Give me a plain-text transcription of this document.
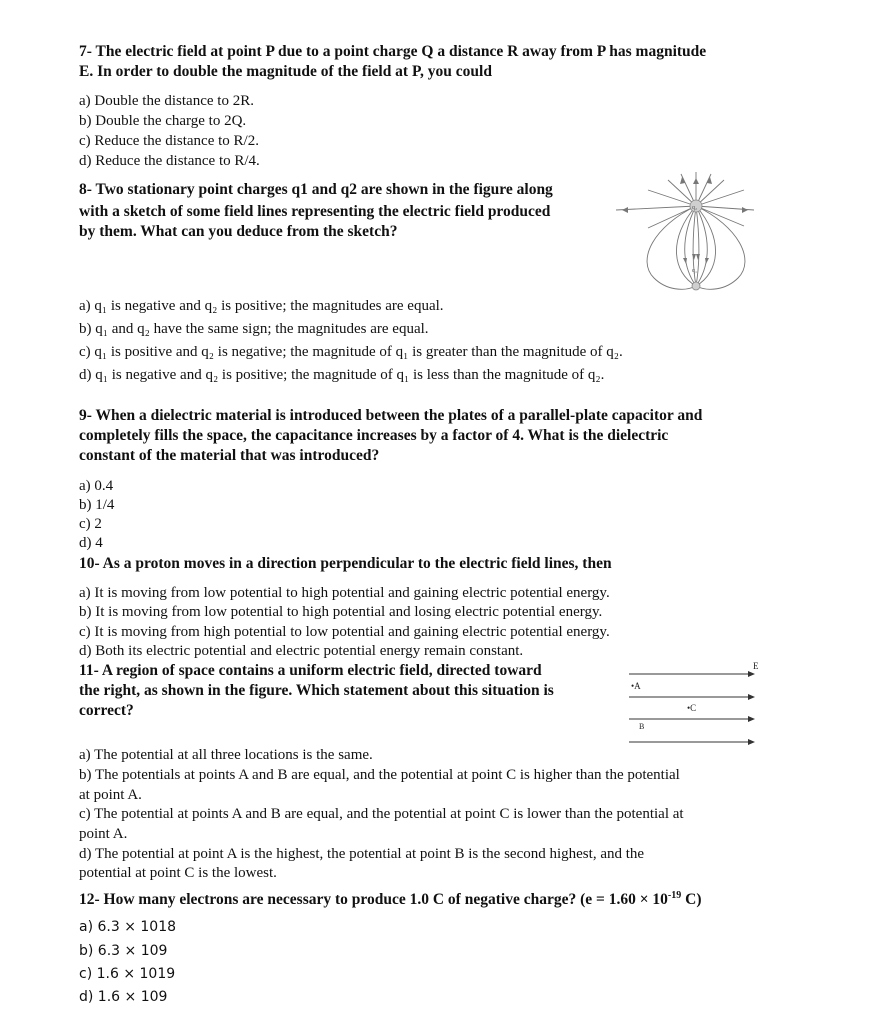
7- The electric field at point P due to a point charge Q a distance R away from P has magnitude
E. In order to double the magnitude of the field at P, you could
a) Double the distance to 2R.
b) Double the charge to 2Q.
c) Reduce the distance to R/2.
d) Reduce the distance to R/4.
8- Two stationary point charges q1 and q2 are shown in the figure along
with a sketch of some field lines representing the electric field produced
by them. What can you deduce from the sketch?
q₂
q₁
a) q₁ is negative and q₂ is positive; the magnitudes are equal.
b) q₁ and q₂ have the same sign; the magnitudes are equal.
c) q₁ is positive and q₂ is negative; the magnitude of q₁ is greater than the magnitude of q₂.
d) q₁ is negative and q₂ is positive; the magnitude of q₁ is less than the magnitude of q₂.
9- When a dielectric material is introduced between the plates of a parallel-plate capacitor and
completely fills the space, the capacitance increases by a factor of 4. What is the dielectric
constant of the material that was introduced?
a) 0.4
b) 1/4
c) 2
d) 4
10- As a proton moves in a direction perpendicular to the electric field lines, then
a) It is moving from low potential to high potential and gaining electric potential energy.
b) It is moving from low potential to high potential and losing electric potential energy.
c) It is moving from high potential to low potential and gaining electric potential energy.
d) Both its electric potential and electric potential energy remain constant.
11- A region of space contains a uniform electric field, directed toward
the right, as shown in the figure. Which statement about this situation is
correct?
E
•A
B
•C
a) The potential at all three locations is the same.
b) The potentials at points A and B are equal, and the potential at point C is higher than the potential
at point A.
c) The potential at points A and B are equal, and the potential at point C is lower than the potential at
point A.
d) The potential at point A is the highest, the potential at point B is the second highest, and the
potential at point C is the lowest.
12- How many electrons are necessary to produce 1.0 C of negative charge? ($e = 1.60 \times 10^{-19}$ C)
a) 6.3 × 1018
b) 6.3 × 109
c) 1.6 × 1019
d) 1.6 × 109
